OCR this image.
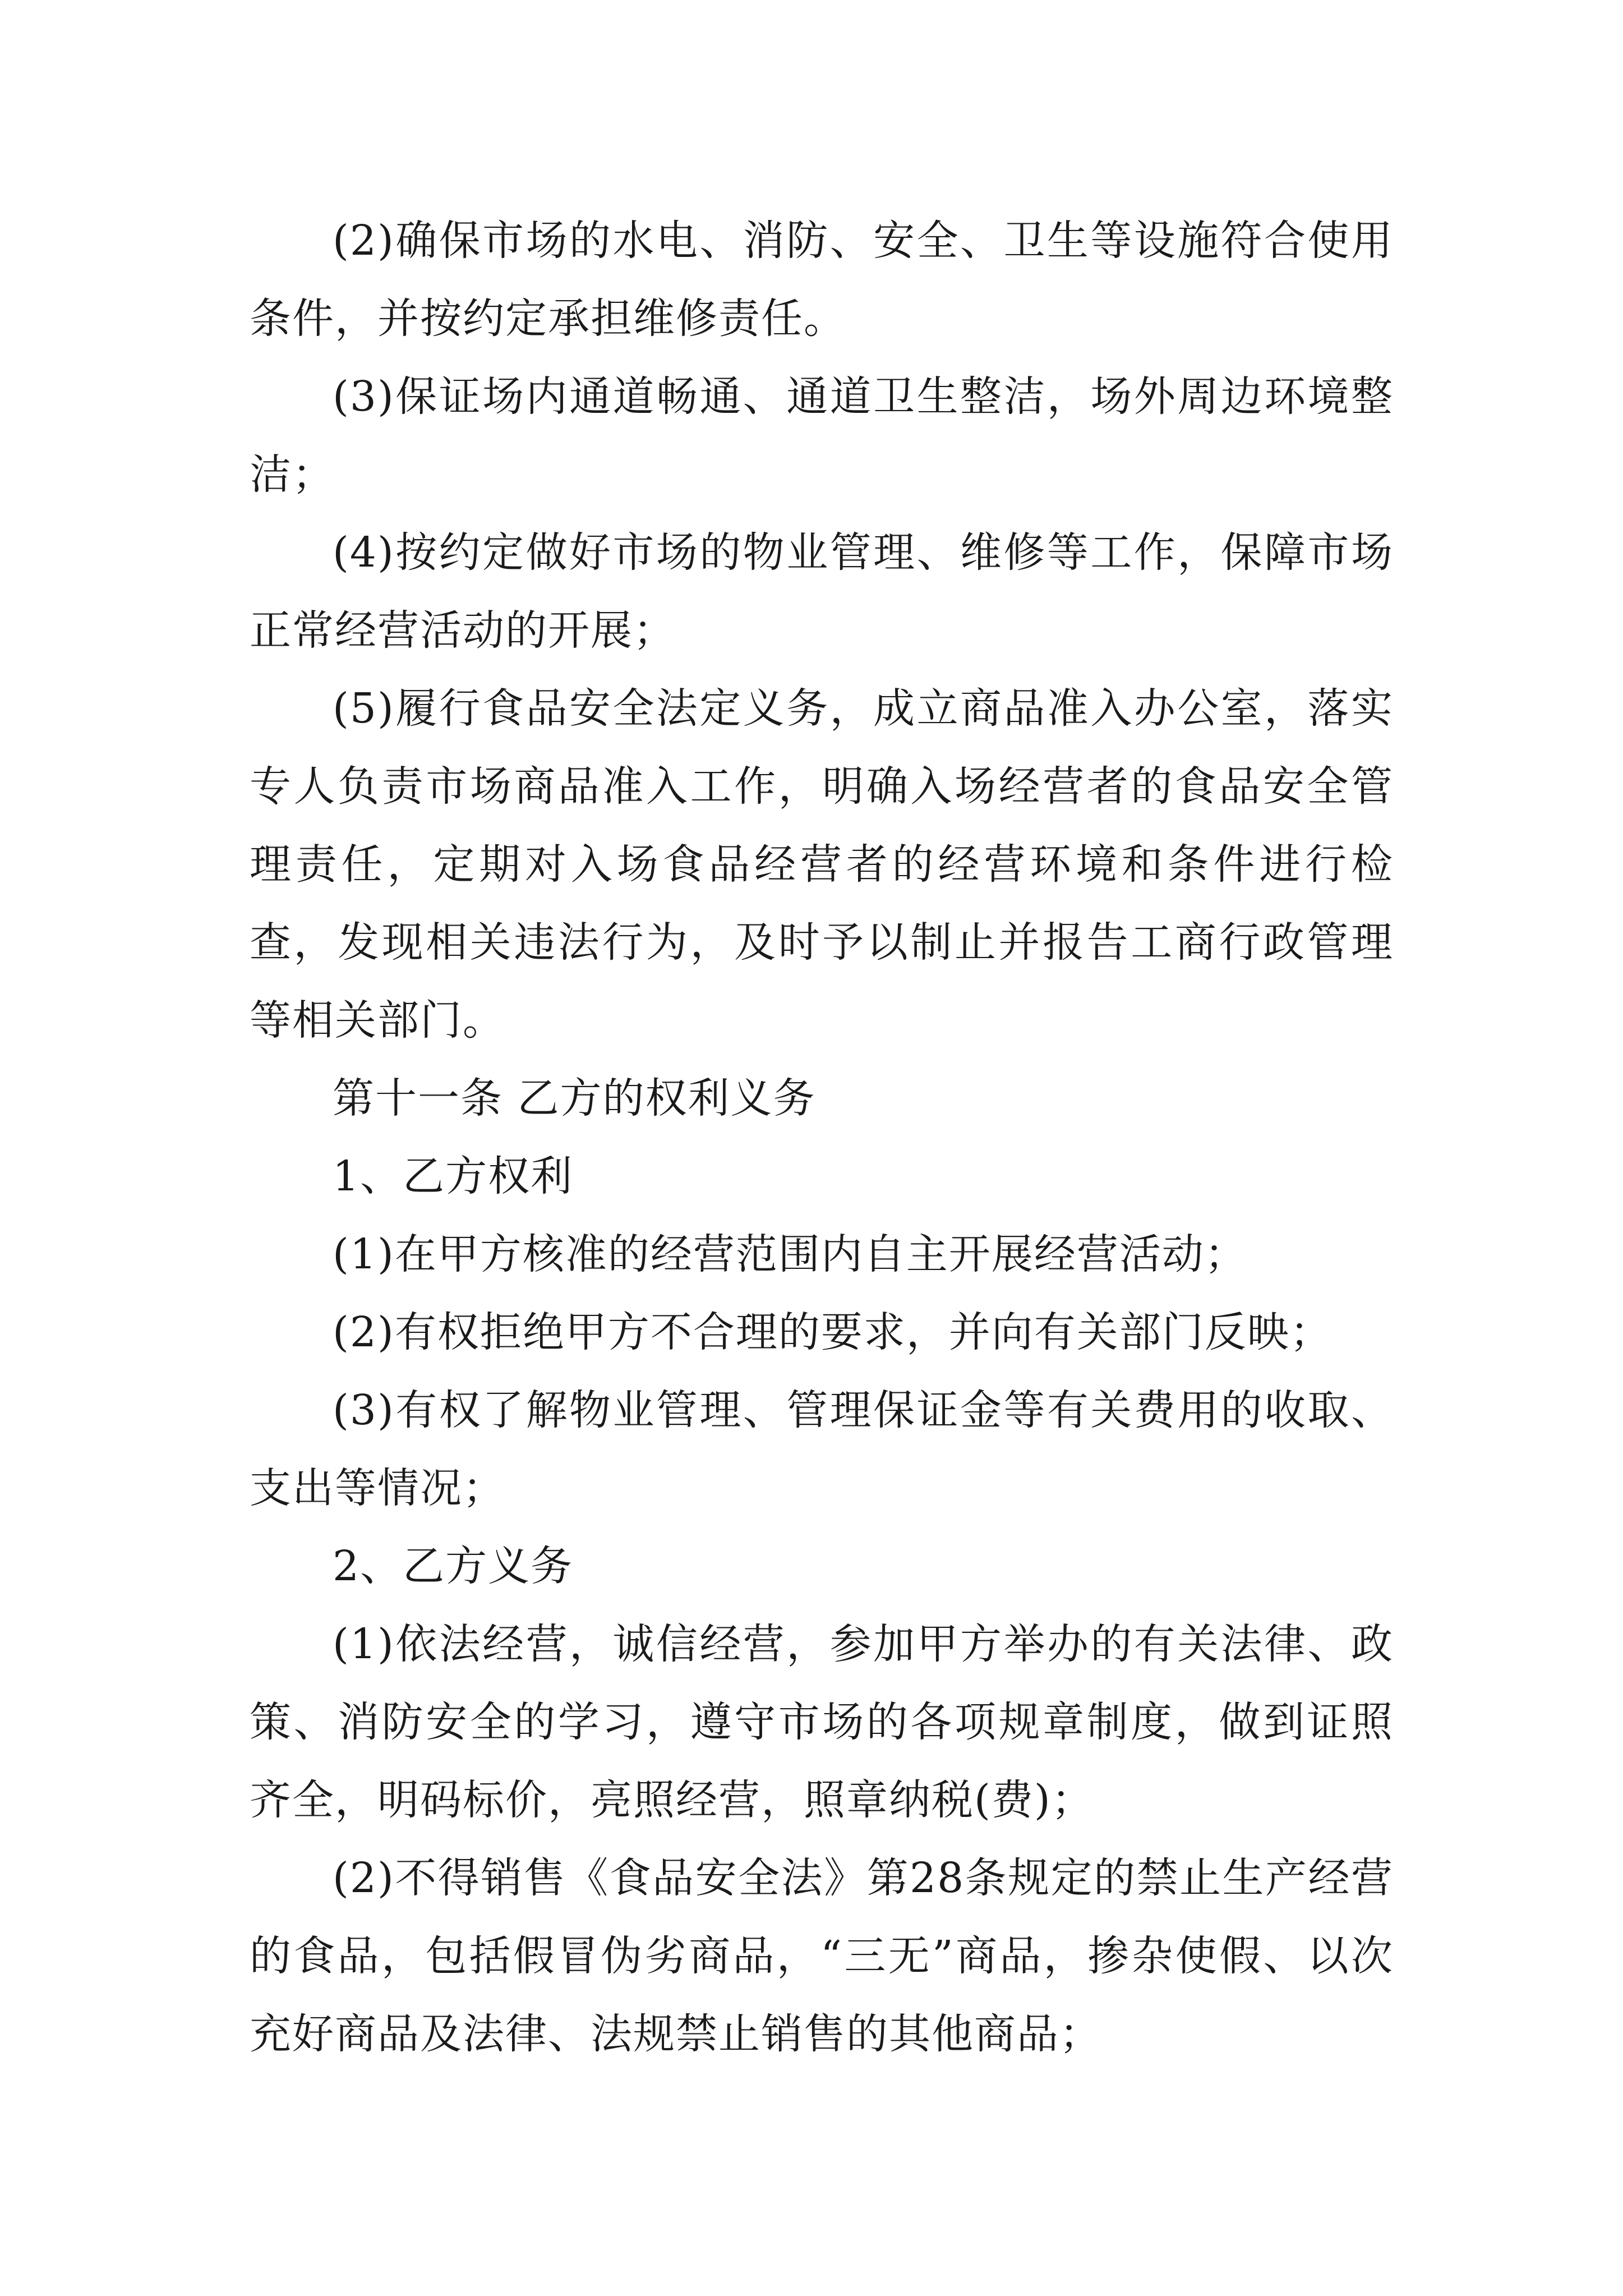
(2)确保市场的水电、消防、安全、卫生等设施符合使用条件，并按约定承担维修责任。

(3)保证场内通道畅通、通道卫生整洁，场外周边环境整洁；

(4)按约定做好市场的物业管理、维修等工作，保障市场正常经营活动的开展；

(5)履行食品安全法定义务，成立商品准入办公室，落实专人负责市场商品准入工作，明确入场经营者的食品安全管理责任，定期对入场食品经营者的经营环境和条件进行检查，发现相关违法行为，及时予以制止并报告工商行政管理等相关部门。

第十一条 乙方的权利义务

1、乙方权利

(1)在甲方核准的经营范围内自主开展经营活动；

(2)有权拒绝甲方不合理的要求，并向有关部门反映；

(3)有权了解物业管理、管理保证金等有关费用的收取、支出等情况；

2、乙方义务

(1)依法经营，诚信经营，参加甲方举办的有关法律、政策、消防安全的学习，遵守市场的各项规章制度，做到证照齐全，明码标价，亮照经营，照章纳税(费)；

(2)不得销售《食品安全法》第28条规定的禁止生产经营的食品，包括假冒伪劣商品，“三无”商品，掺杂使假、以次充好商品及法律、法规禁止销售的其他商品；
